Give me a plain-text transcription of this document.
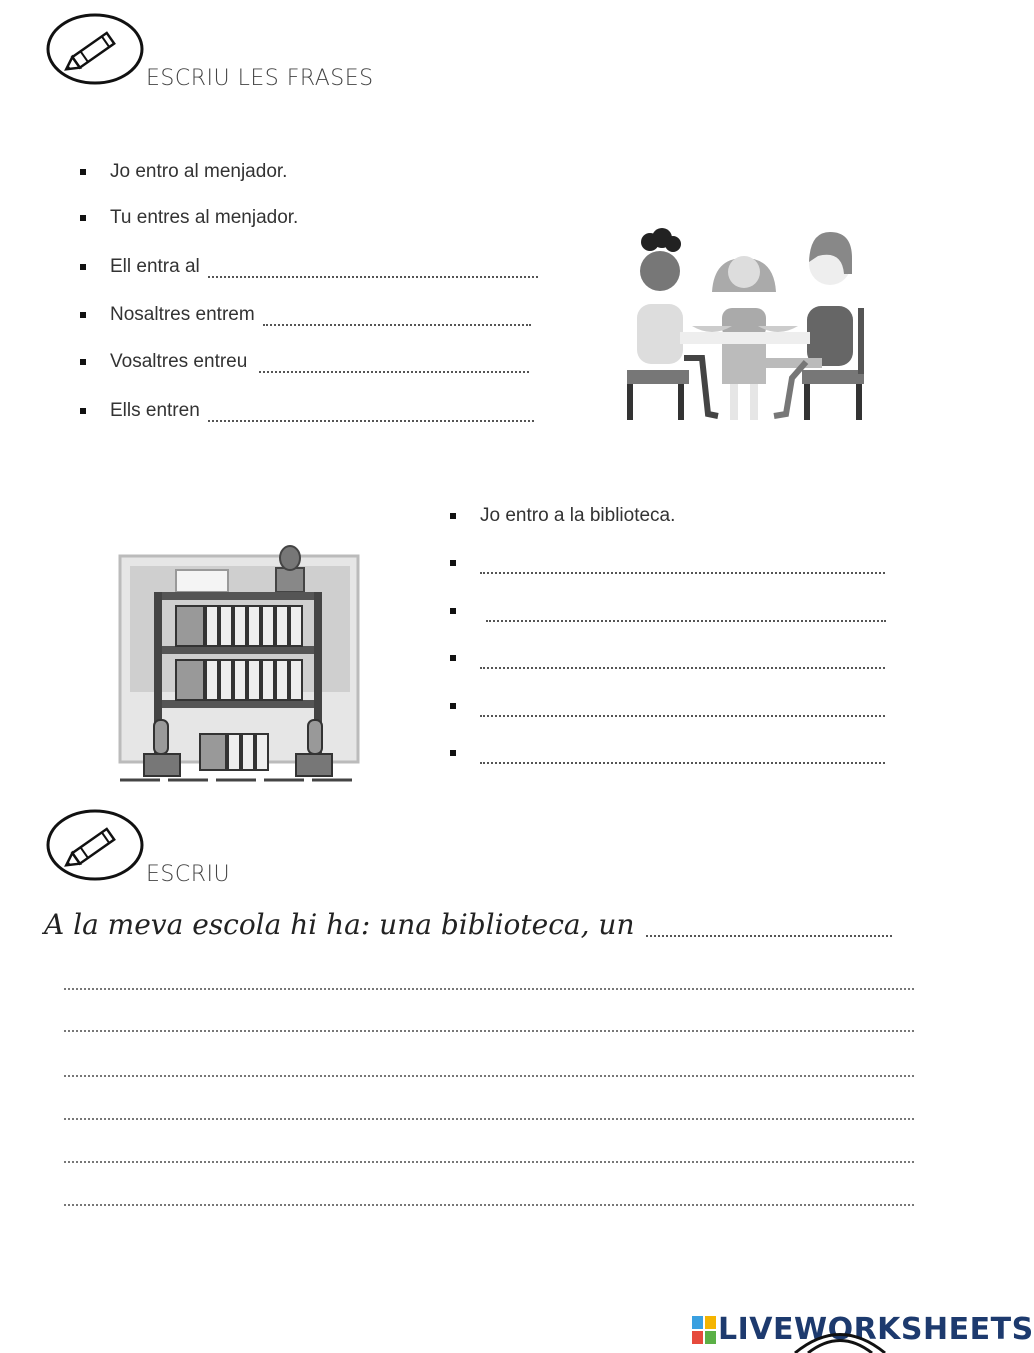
ESCRIU LES FRASES
Jo entro al menjador.
Tu entres al menjador.
Ell entra al
Nosaltres entrem
Vosaltres entreu
Ells entren
Jo entro a la biblioteca.
ESCRIU
A la meva escola hi ha: una biblioteca, un
LIVEWORKSHEETS
